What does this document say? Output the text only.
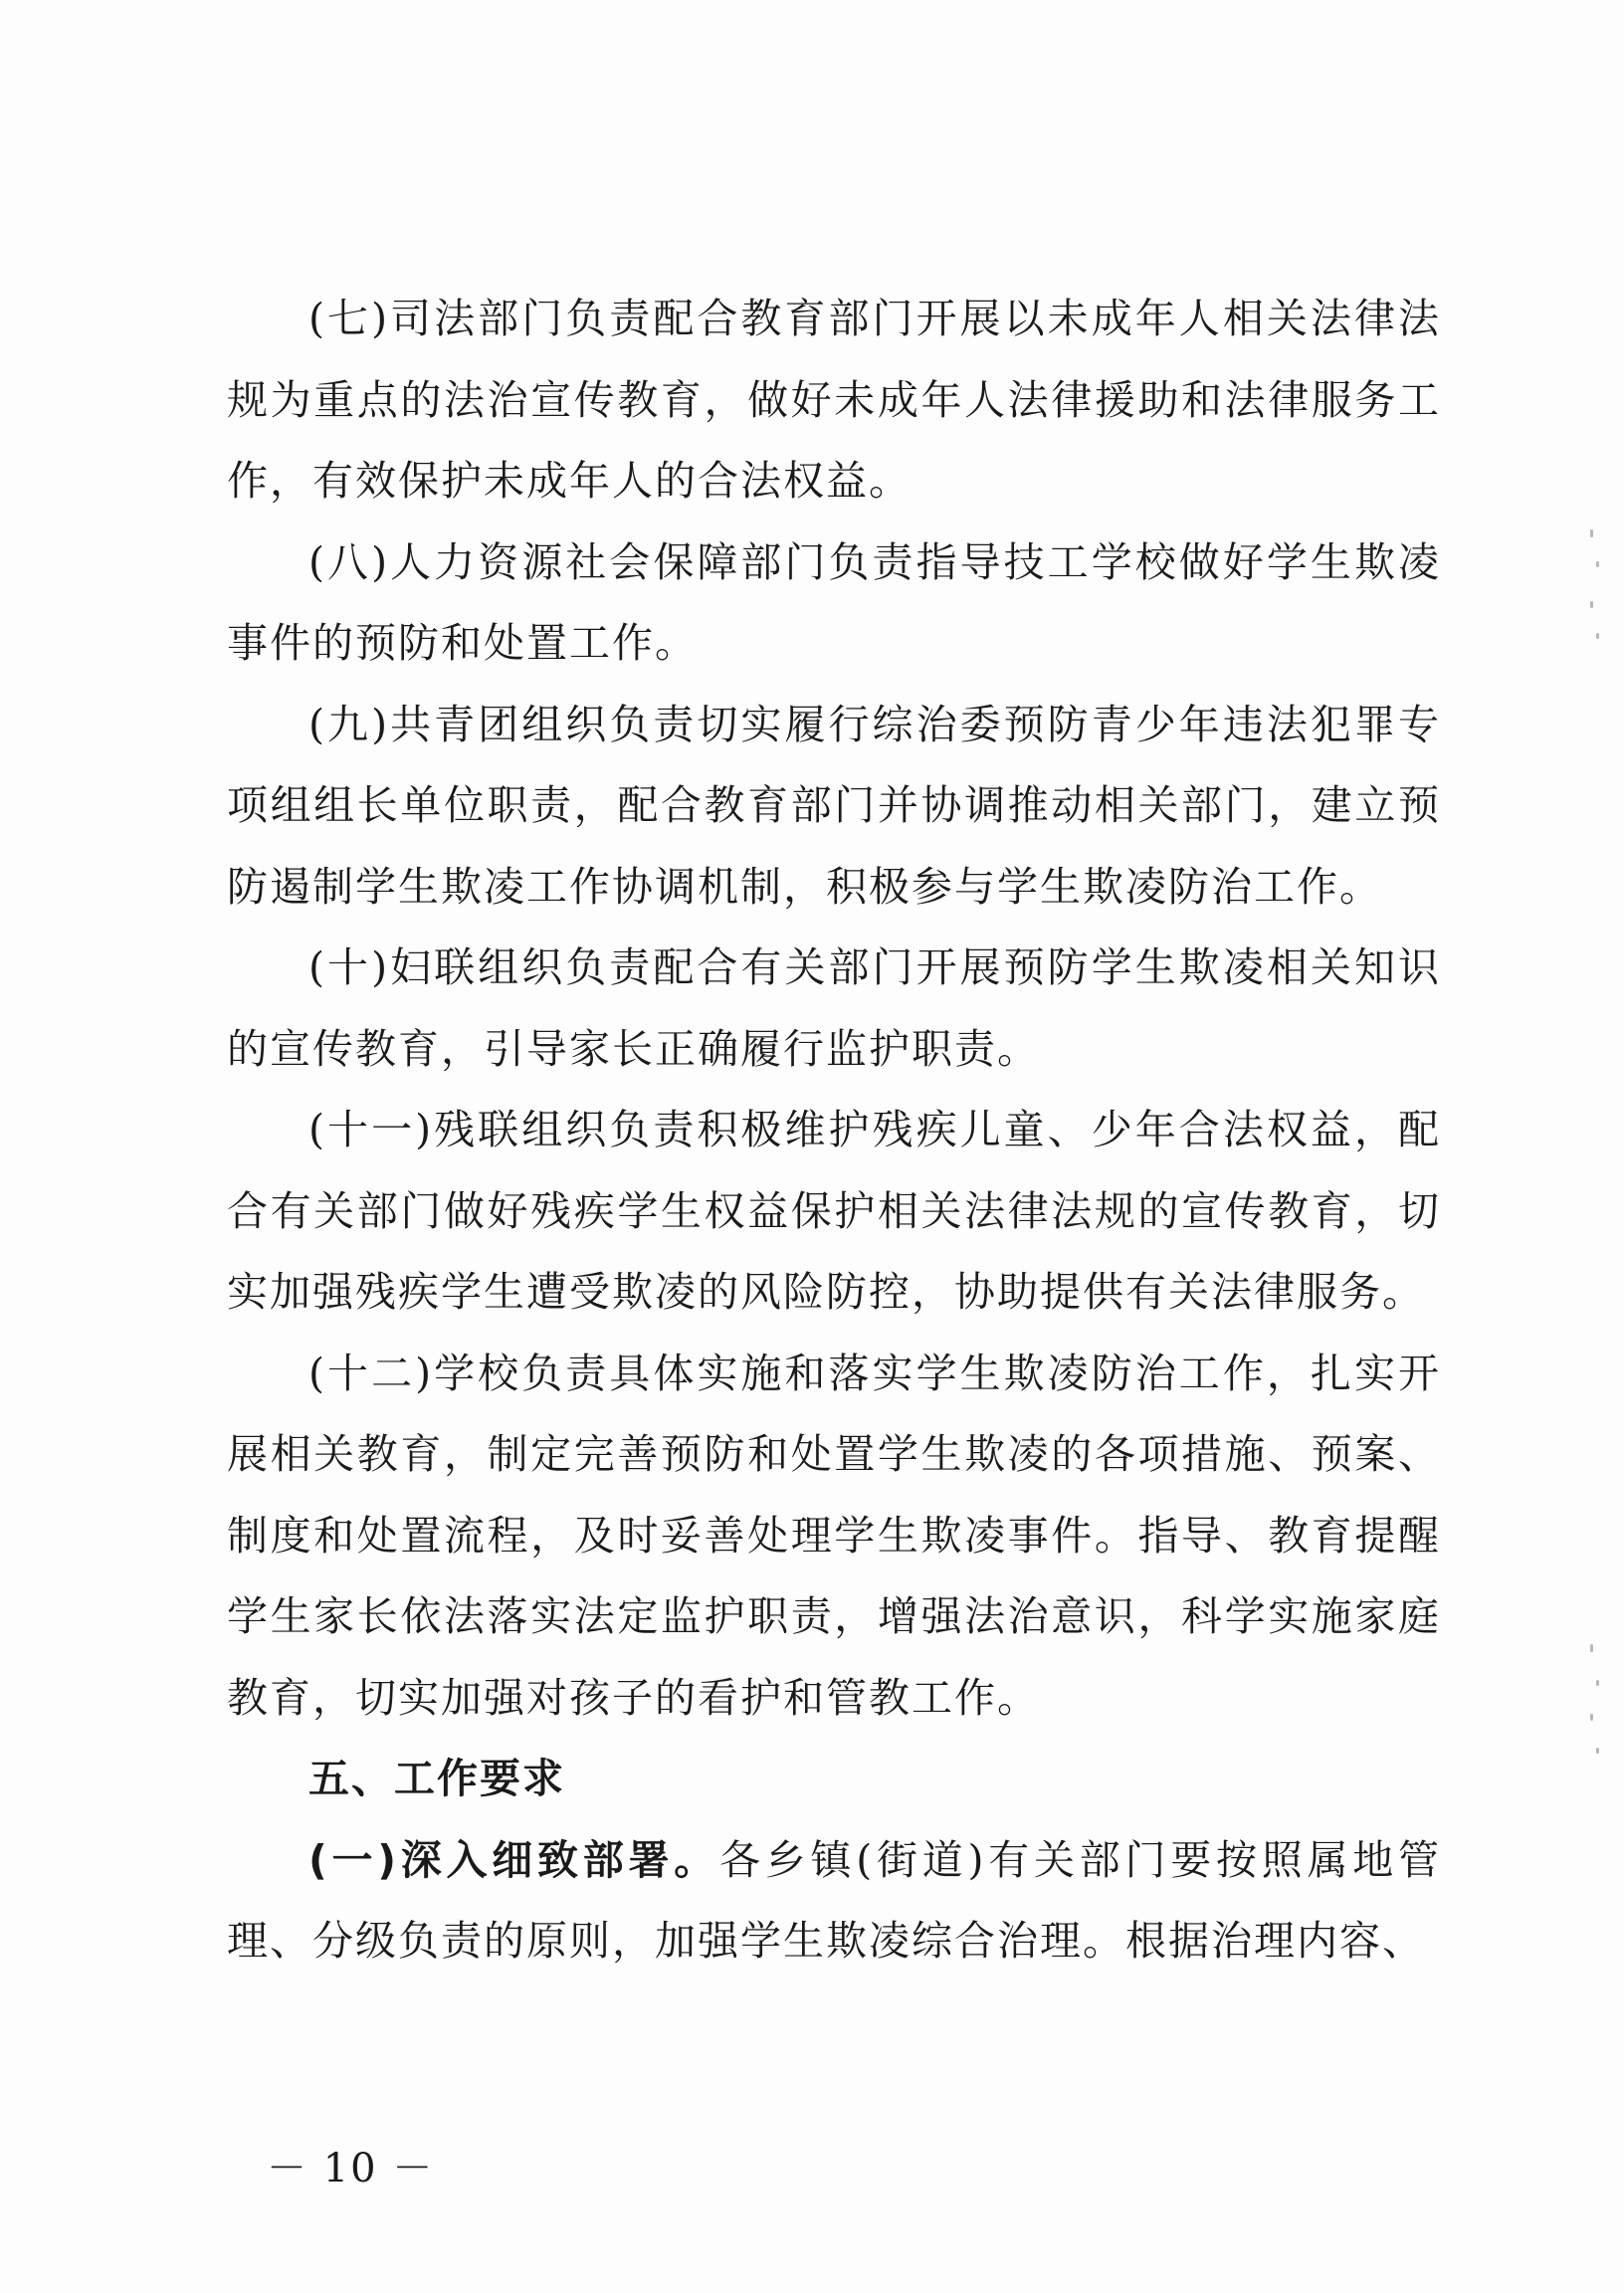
(七)司法部门负责配合教育部门开展以未成年人相关法律法规为重点的法治宣传教育，做好未成年人法律援助和法律服务工作，有效保护未成年人的合法权益。

(八)人力资源社会保障部门负责指导技工学校做好学生欺凌事件的预防和处置工作。

(九)共青团组织负责切实履行综治委预防青少年违法犯罪专项组组长单位职责，配合教育部门并协调推动相关部门，建立预防遏制学生欺凌工作协调机制，积极参与学生欺凌防治工作。

(十)妇联组织负责配合有关部门开展预防学生欺凌相关知识的宣传教育，引导家长正确履行监护职责。

(十一)残联组织负责积极维护残疾儿童、少年合法权益，配合有关部门做好残疾学生权益保护相关法律法规的宣传教育，切实加强残疾学生遭受欺凌的风险防控，协助提供有关法律服务。

(十二)学校负责具体实施和落实学生欺凌防治工作，扎实开展相关教育，制定完善预防和处置学生欺凌的各项措施、预案、制度和处置流程，及时妥善处理学生欺凌事件。指导、教育提醒学生家长依法落实法定监护职责，增强法治意识，科学实施家庭教育，切实加强对孩子的看护和管教工作。

五、工作要求

(一)深入细致部署。各乡镇(街道)有关部门要按照属地管理、分级负责的原则，加强学生欺凌综合治理。根据治理内容、

－ 10 －
